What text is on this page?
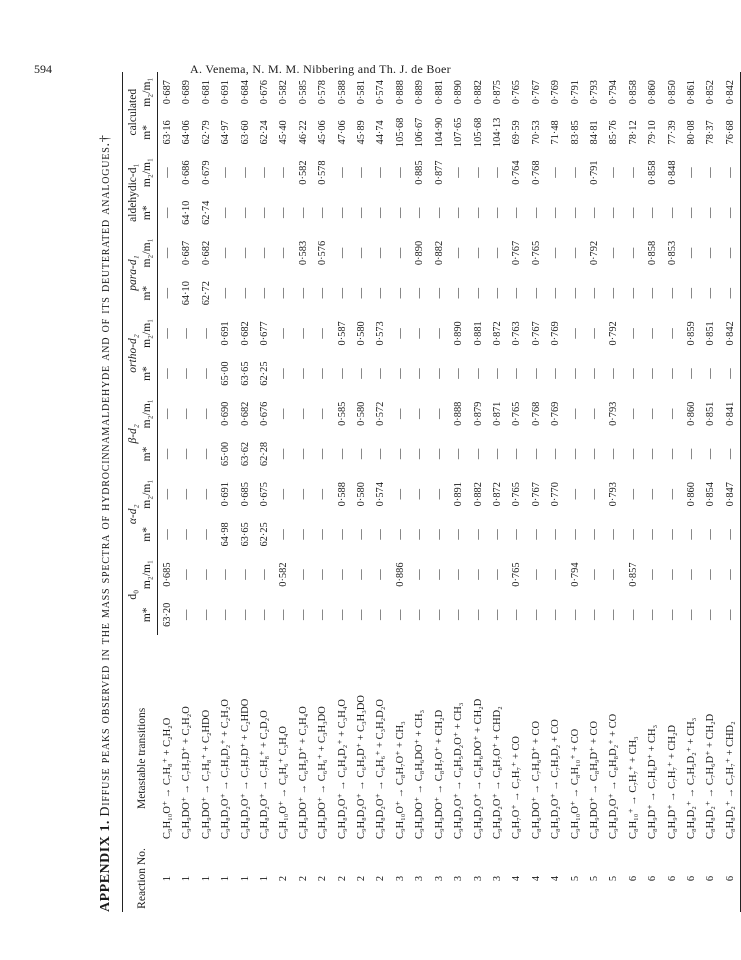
594	A. Venema, N. M. M. Nibbering and Th. J. de Boer
APPENDIX 1. Diffuse peaks observed in the mass spectra of hydrocinnamaldehyde and of its deuterated analogues.†
Reaction No.	Metastable transitions	d₀		α-d₂		β-d₂		ortho-d₂		para-d₁		aldehydic-d₁		calculated	
		m*	m₂/m₁	m*	m₂/m₁	m*	m₂/m₁	m*	m₂/m₁	m*	m₂/m₁	m*	m₂/m₁	m*	m₂/m₁
1	C₉H₁₀O⁺ → C₇H₈⁺ + C₂H₂O	63·20	0·685	—	—	—	—	—	—	—	—	—	—	63·16	0·687
1	C₉H₉DO⁺ → C₇H₇D⁺ + C₂H₂O	—	—	—	—	—	—	—	—	64·10	0·687	64·10	0·686	64·06	0·689
1	C₉H₉DO⁺ → C₇H₈⁺ + C₂HDO	—	—	—	—	—	—	—	—	62·72	0·682	62·74	0·679	62·79	0·681
1	C₉H₈D₂O⁺ → C₇H₆D₂⁺ + C₂H₂O	—	—	64·98	0·691	65·00	0·690	65·00	0·691	—	—	—	—	64·97	0·691
1	C₉H₈D₂O⁺ → C₇H₇D⁺ + C₂HDO	—	—	63·65	0·685	63·62	0·682	63·65	0·682	—	—	—	—	63·60	0·684
1	C₉H₈D₂O⁺ → C₇H₈⁺ + C₂D₂O	—	—	62·25	0·675	62·28	0·676	62·25	0·677	—	—	—	—	62·24	0·676
2	C₉H₁₀O⁺ → C₆H₆⁺ C₃H₄O	—	0·582	—	—	—	—	—	—	—	—	—	—	45·40	0·582
2	C₉H₉DO⁺ → C₆H₅D⁺ + C₃H₄O	—	—	—	—	—	—	—	—	—	0·583	—	0·582	46·22	0·585
2	C₉H₉DO⁺ → C₆H₆⁺ + C₃H₃DO	—	—	—	—	—	—	—	—	—	0·576	—	0·578	45·06	0·578
2	C₉H₈D₂O⁺ → C₆H₄D₂⁺ + C₃H₄O	—	—	—	0·588	—	0·585	—	0·587	—	—	—	—	47·06	0·588
2	C₉H₈D₂O⁺ → C₆H₅D⁺ + C₃H₃DO	—	—	—	0·580	—	0·580	—	0·580	—	—	—	—	45·89	0·581
2	C₉H₈D₂O⁺ → C₆H₆⁺ + C₃H₂D₂O	—	—	—	0·574	—	0·572	—	0·573	—	—	—	—	44·74	0·574
3	C₉H₁₀O⁺ → C₈H₇O⁺ + CH₃	—	0·886	—	—	—	—	—	—	—	—	—	—	105·68	0·888
3	C₉H₉DO⁺ → C₈H₆DO⁺ + CH₃	—	—	—	—	—	—	—	—	—	0·890	—	0·885	106·67	0·889
3	C₉H₉DO⁺ → C₈H₇O⁺ + CH₂D	—	—	—	—	—	—	—	—	—	0·882	—	0·877	104·90	0·881
3	C₉H₈D₂O⁺ → C₈H₅D₂O⁺ + CH₃	—	—	—	0·891	—	0·888	—	0·890	—	—	—	—	107·65	0·890
3	C₉H₈D₂O⁺ → C₈H₆DO⁺ + CH₂D	—	—	—	0·882	—	0·879	—	0·881	—	—	—	—	105·68	0·882
3	C₉H₈D₂O⁺ → C₈H₇O⁺ + CHD₂	—	—	—	0·872	—	0·871	—	0·872	—	—	—	—	104·13	0·875
4	C₈H₇O⁺ → C₇H₇⁺ + CO	—	0·765	—	0·765	—	0·765	—	0·763	—	0·767	—	0·764	69·59	0·765
4	C₈H₆DO⁺ → C₇H₆D⁺ + CO	—	—	—	0·767	—	0·768	—	0·767	—	0·765	—	0·768	70·53	0·767
4	C₈H₅D₂O⁺ → C₇H₅D₂ + CO	—	—	—	0·770	—	0·769	—	0·769	—	—	—	—	71·48	0·769
5	C₉H₁₀O⁺ → C₈H₁₀⁺ + CO	—	0·794	—	—	—	—	—	—	—	—	—	—	83·85	0·791
5	C₉H₉DO⁺ → C₈H₉D⁺ + CO	—	—	—	—	—	—	—	—	—	0·792	—	0·791	84·81	0·793
5	C₉H₈D₂O⁺ → C₈H₈D₂⁺ + CO	—	—	—	0·793	—	0·793	—	0·792	—	—	—	—	85·76	0·794
6	C₈H₁₀⁺ → C₇H₇⁺ + CH₃	—	0·857	—	—	—	—	—	—	—	—	—	—	78·12	0·858
6	C₈H₉D⁺ → C₇H₆D⁺ + CH₃	—	—	—	—	—	—	—	—	—	0·858	—	0·858	79·10	0·860
6	C₈H₉D⁺ → C₇H₇⁺ + CH₂D	—	—	—	—	—	—	—	—	—	0·853	—	0·848	77·39	0·850
6	C₈H₈D₂⁺ → C₇H₅D₂⁺ + CH₃	—	—	—	0·860	—	0·860	—	0·859	—	—	—	—	80·08	0·861
6	C₈H₈D₂⁺ → C₇H₆D⁺ + CH₂D	—	—	—	0·854	—	0·851	—	0·851	—	—	—	—	78·37	0·852
6	C₈H₈D₂⁺ → C₇H₇⁺ + CHD₂	—	—	—	0·847	—	0·841	—	0·842	—	—	—	—	76·68	0·842
